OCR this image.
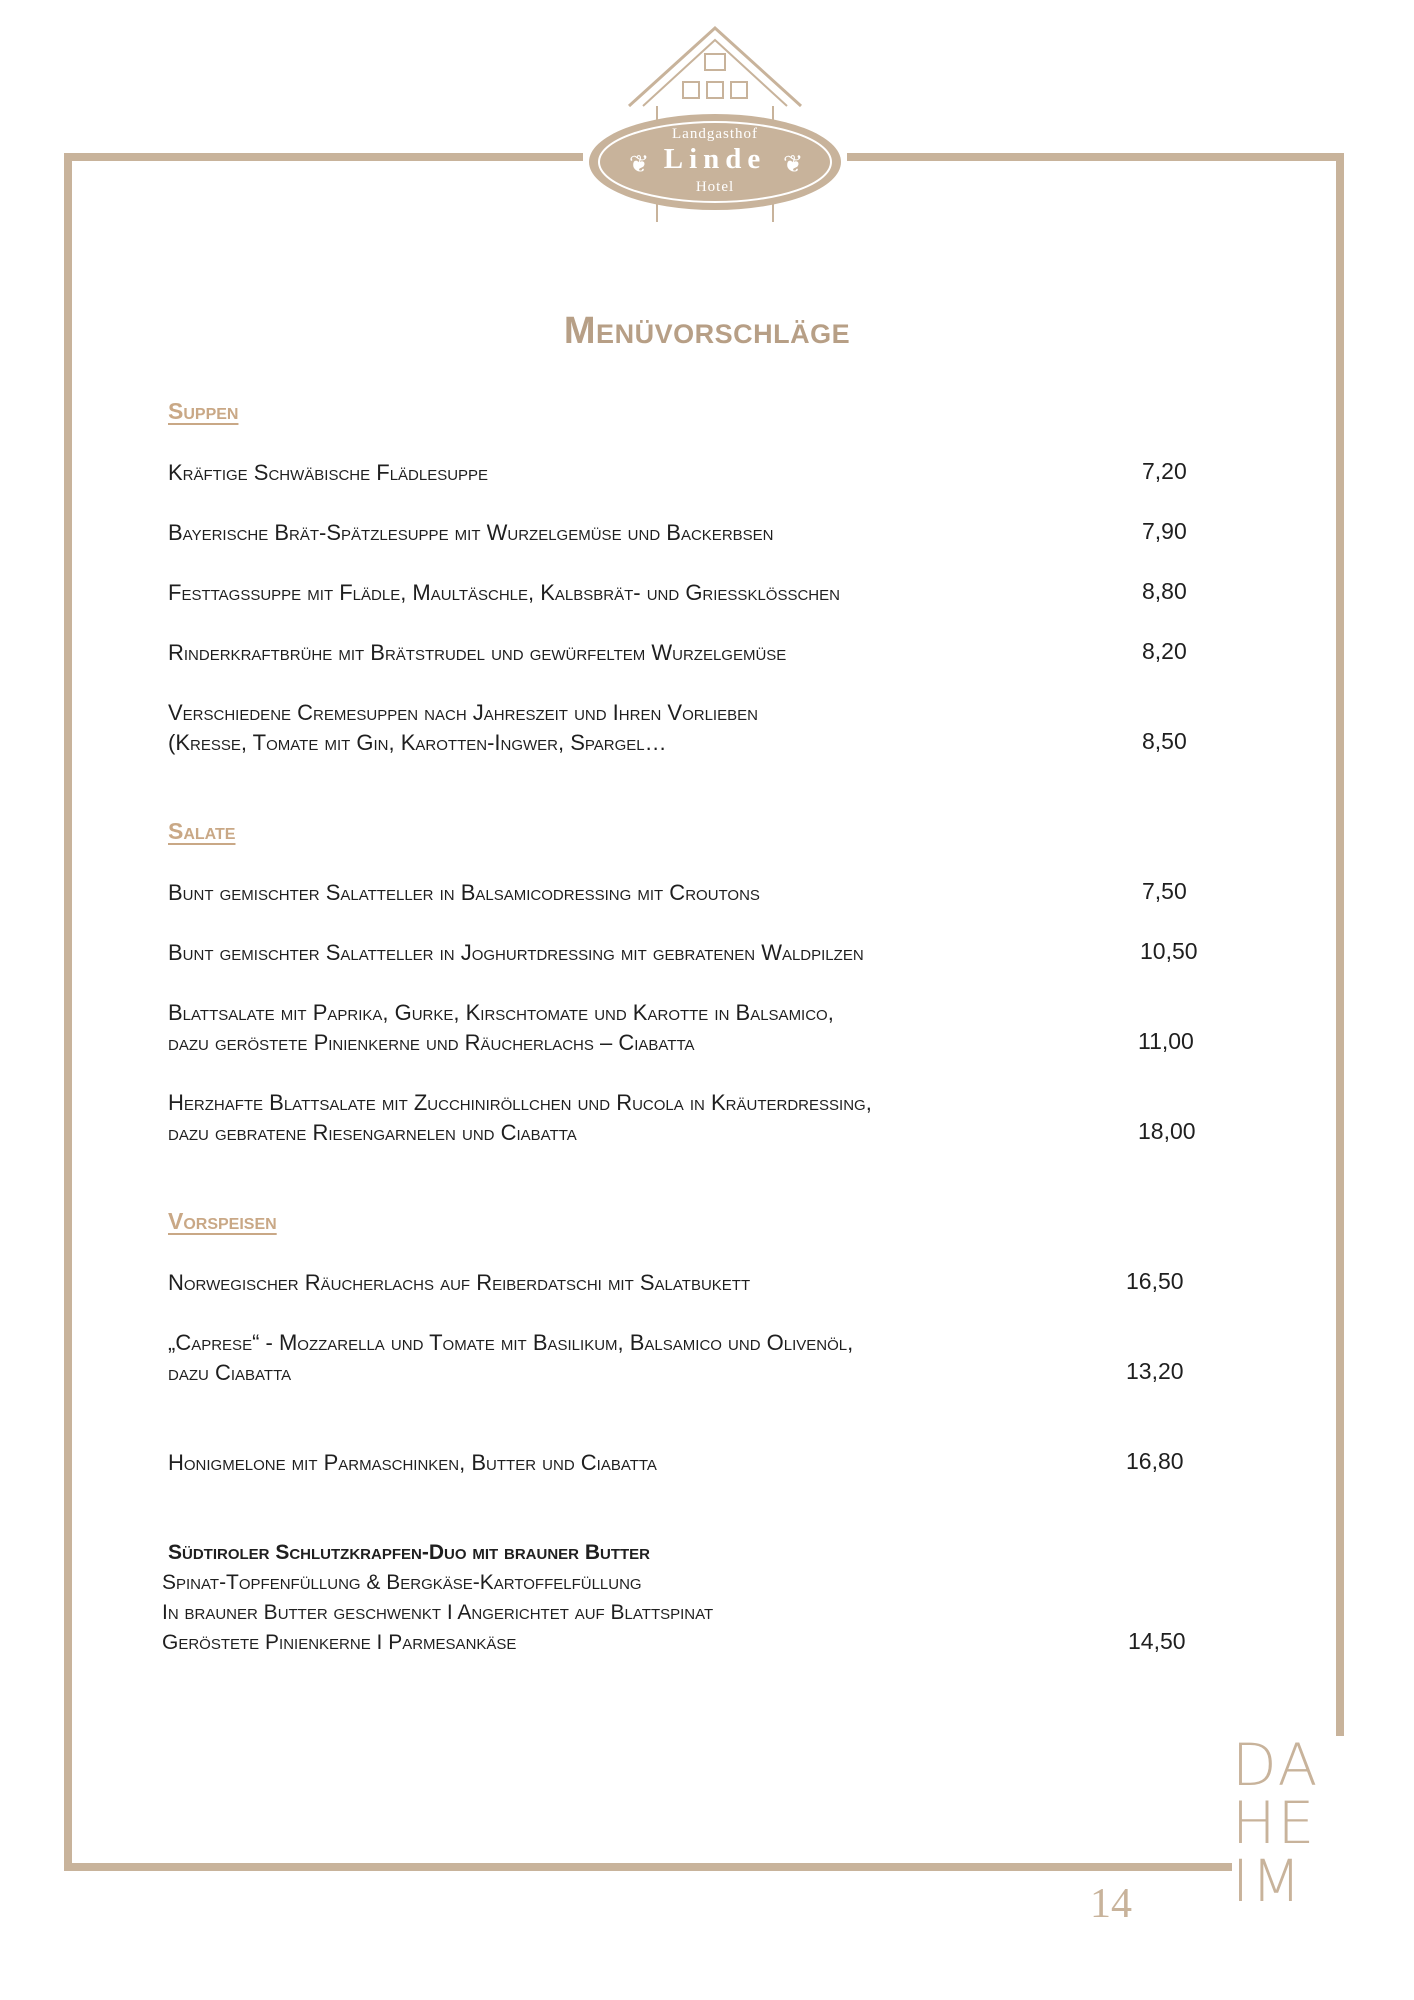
❦	❦
Landgasthof
Linde
Hotel
Menüvorschläge
Suppen
Kräftige Schwäbische Flädlesuppe	7,20
Bayerische Brät-Spätzlesuppe mit Wurzelgemüse und Backerbsen	7,90
Festtagssuppe mit Flädle, Maultäschle, Kalbsbrät- und Grießklößchen	8,80
Rinderkraftbrühe mit Brätstrudel und gewürfeltem Wurzelgemüse	8,20
Verschiedene Cremesuppen nach Jahreszeit und Ihren Vorlieben
(Kresse, Tomate mit Gin, Karotten-Ingwer, Spargel…	8,50
Salate
Bunt gemischter Salatteller in Balsamicodressing mit Croutons	7,50
Bunt gemischter Salatteller in Joghurtdressing mit gebratenen Waldpilzen	10,50
Blattsalate mit Paprika, Gurke, Kirschtomate und Karotte in Balsamico,
dazu geröstete Pinienkerne und Räucherlachs – Ciabatta	11,00
Herzhafte Blattsalate mit Zucchiniröllchen und Rucola in Kräuterdressing,
dazu gebratene Riesengarnelen und Ciabatta	18,00
Vorspeisen
Norwegischer Räucherlachs auf Reiberdatschi mit Salatbukett	16,50
„Caprese“ - Mozzarella und Tomate mit Basilikum, Balsamico und Olivenöl,
dazu Ciabatta	13,20
Honigmelone mit Parmaschinken, Butter und Ciabatta	16,80
Südtiroler Schlutzkrapfen-Duo mit brauner Butter
Spinat-Topfenfüllung & Bergkäse-Kartoffelfüllung
In brauner Butter geschwenkt I Angerichtet auf Blattspinat
Geröstete Pinienkerne I Parmesankäse	14,50
14
DA
HE
IM
